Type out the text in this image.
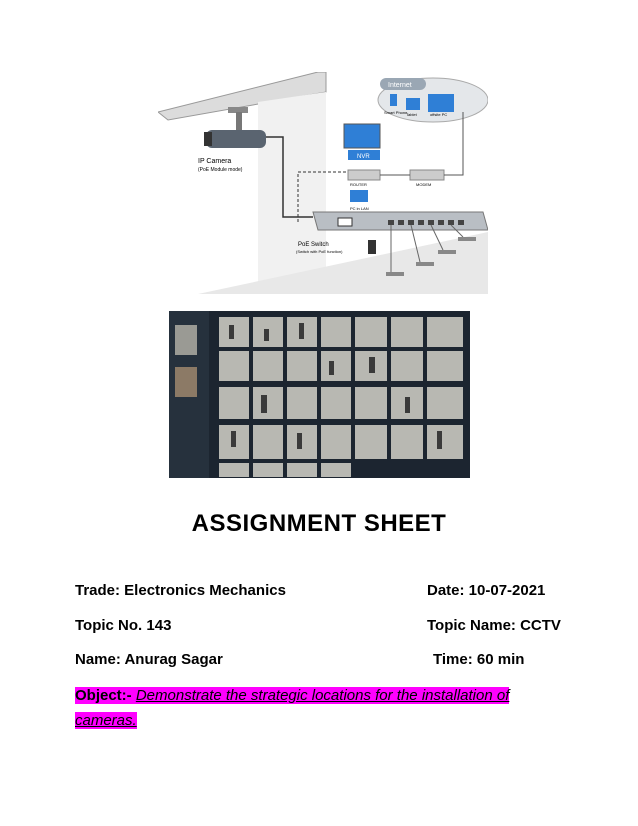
IP Camera
(PoE Module mode)
Internet
Smart Phone
Tablet	offsite PC
NVR
ROUTER	MODEM
PC in LAN
PoE Switch
(Switch with PoE function)
ASSIGNMENT SHEET
Trade: Electronics Mechanics	Date: 10-07-2021
Topic No. 143	Topic Name: CCTV
Name: Anurag Sagar	Time: 60 min
Object:- Demonstrate the strategic locations for the installation of
cameras.
